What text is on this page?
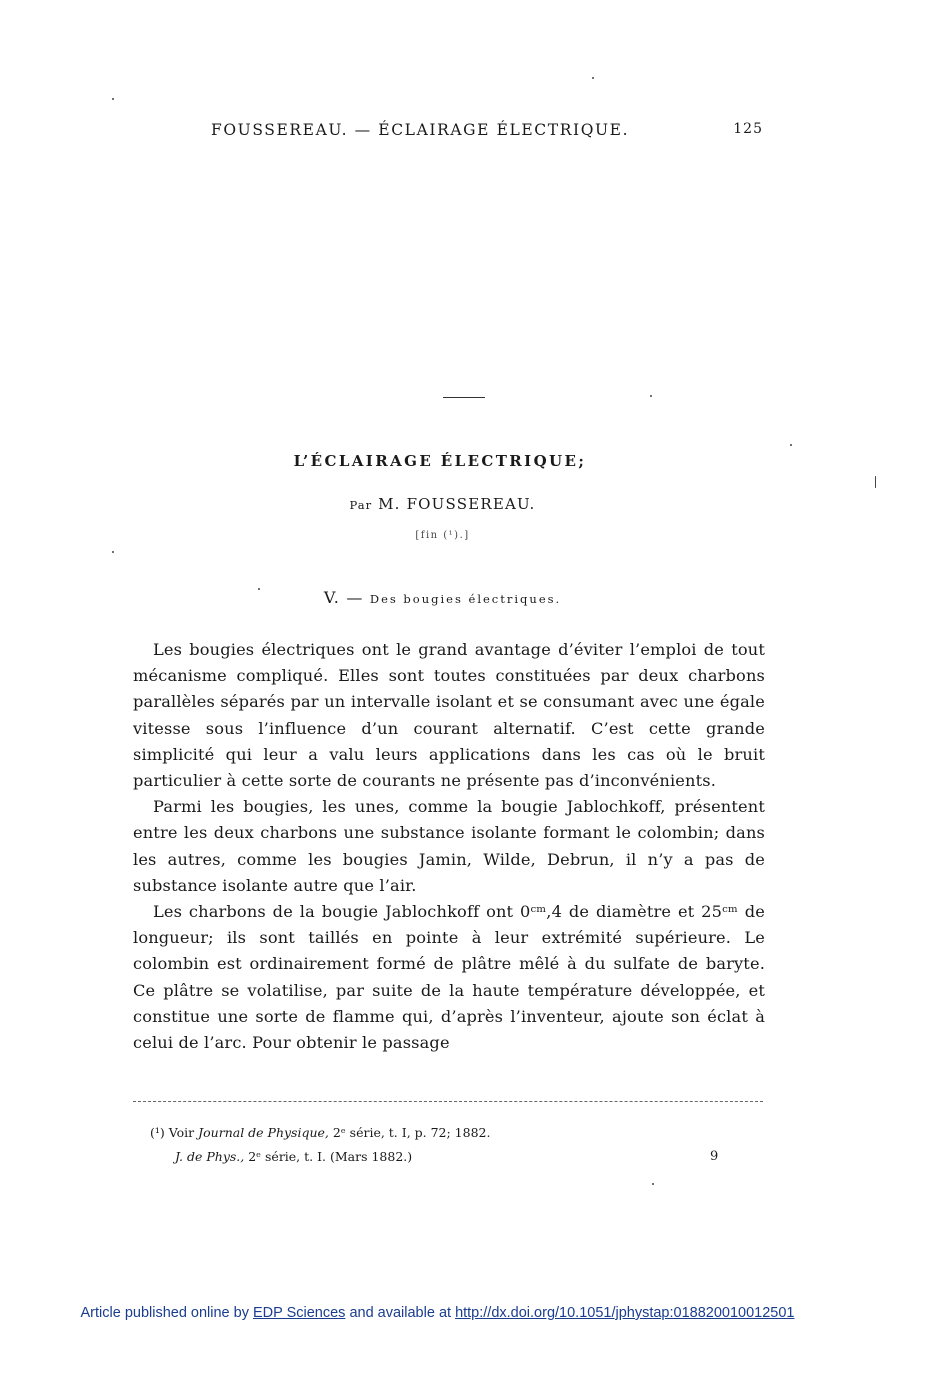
FOUSSEREAU. — ÉCLAIRAGE ÉLECTRIQUE.	125
L’ÉCLAIRAGE ÉLECTRIQUE;
Par M. FOUSSEREAU.
[fin (¹).]
V. — Des bougies électriques.

Les bougies électriques ont le grand avantage d’éviter l’emploi de tout mécanisme compliqué. Elles sont toutes constituées par deux charbons parallèles séparés par un intervalle isolant et se consumant avec une égale vitesse sous l’influence d’un courant alternatif. C’est cette grande simplicité qui leur a valu leurs applications dans les cas où le bruit particulier à cette sorte de courants ne présente pas d’inconvénients.

Parmi les bougies, les unes, comme la bougie Jablochkoff, présentent entre les deux charbons une substance isolante formant le colombin; dans les autres, comme les bougies Jamin, Wilde, Debrun, il n’y a pas de substance isolante autre que l’air.

Les charbons de la bougie Jablochkoff ont 0ᶜᵐ,4 de diamètre et 25ᶜᵐ de longueur; ils sont taillés en pointe à leur extrémité supérieure. Le colombin est ordinairement formé de plâtre mêlé à du sulfate de baryte. Ce plâtre se volatilise, par suite de la haute température développée, et constitue une sorte de flamme qui, d’après l’inventeur, ajoute son éclat à celui de l’arc. Pour obtenir le passage

(¹) Voir Journal de Physique, 2ᵉ série, t. I, p. 72; 1882.
J. de Phys., 2ᵉ série, t. I. (Mars 1882.)	9
Article published online by EDP Sciences and available at http://dx.doi.org/10.1051/jphystap:018820010012501
